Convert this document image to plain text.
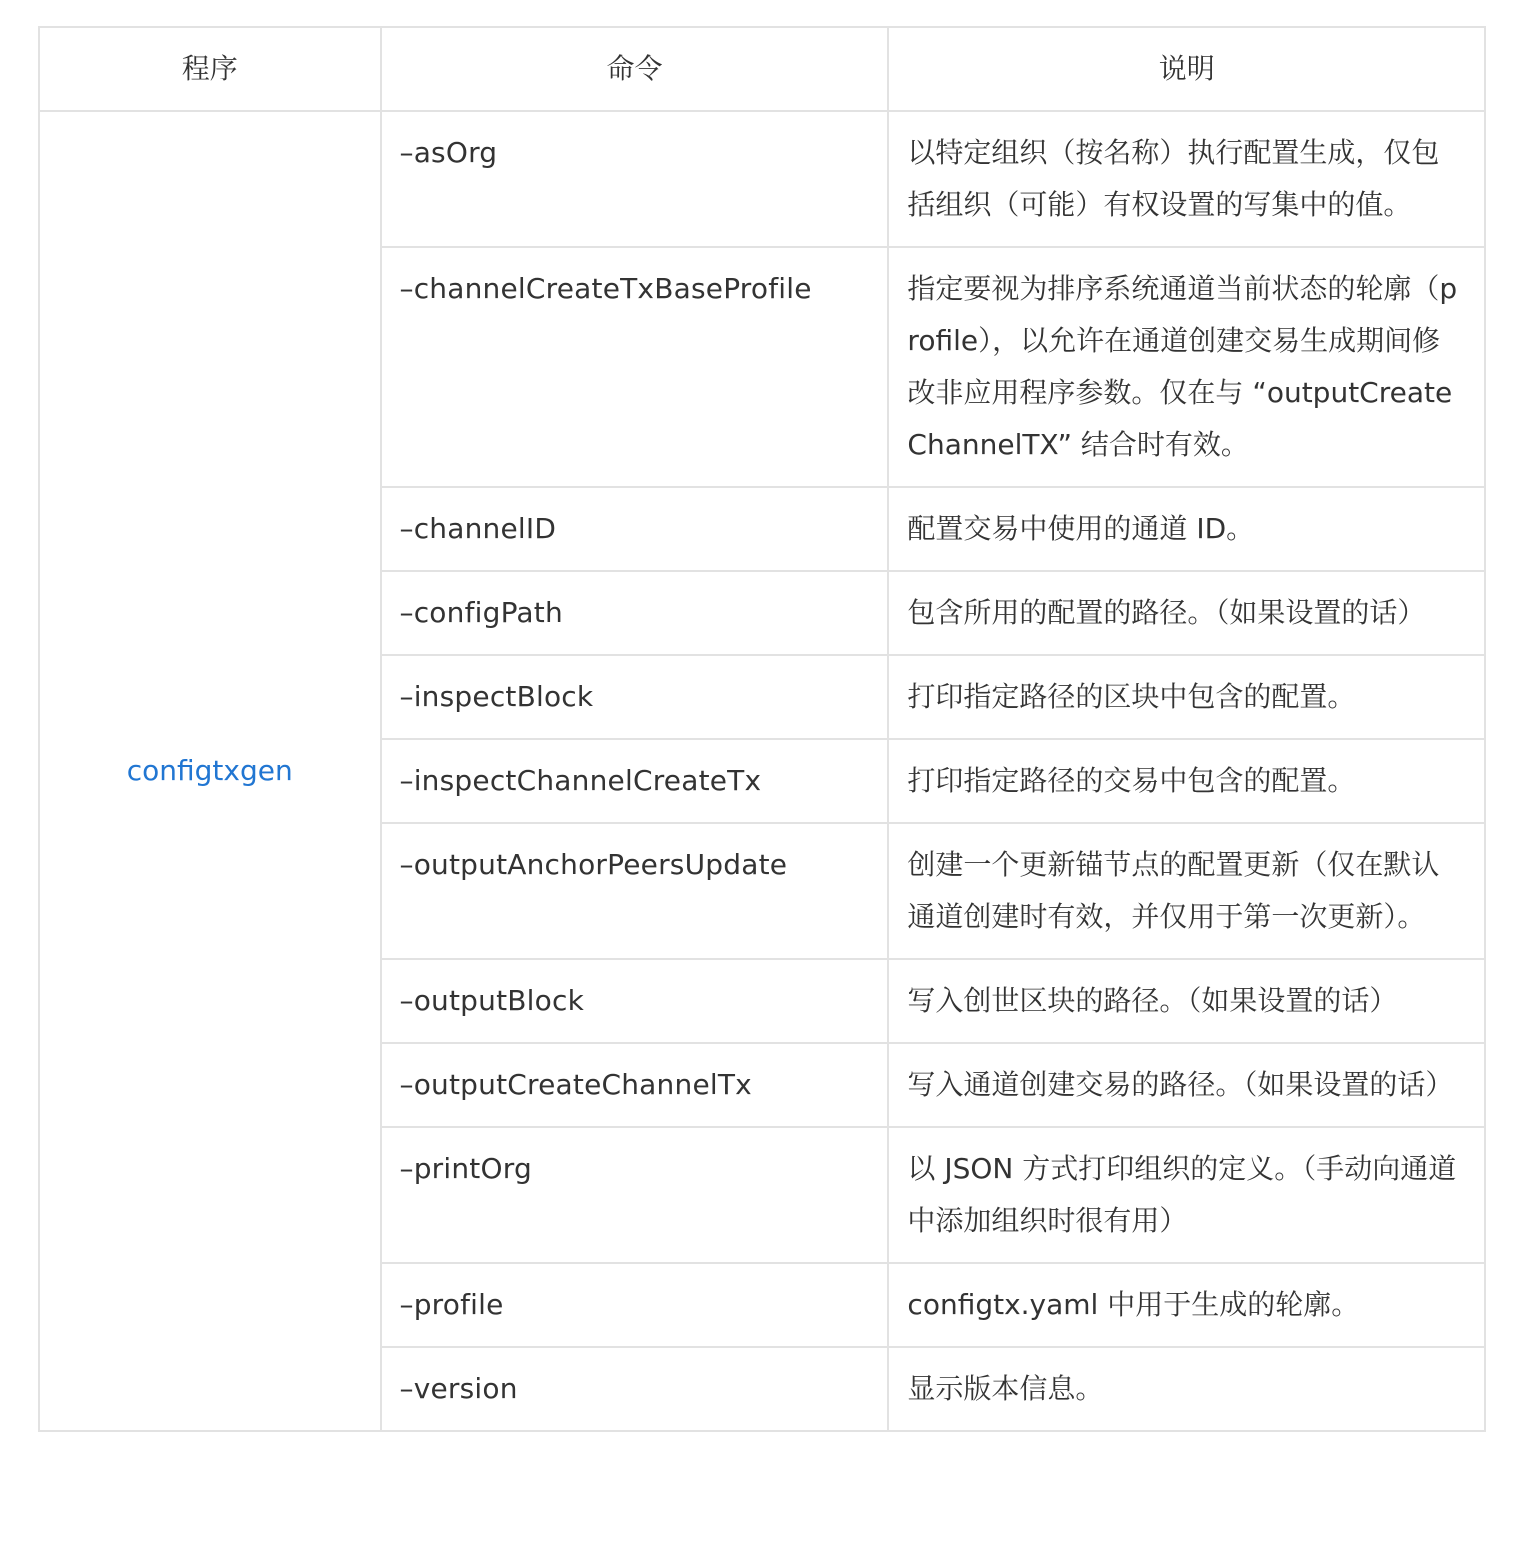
程序	命令	说明
configtxgen	–asOrg	以特定组织（按名称）执行配置生成，仅包括组织（可能）有权设置的写集中的值。
	–channelCreateTxBaseProfile	指定要视为排序系统通道当前状态的轮廓（profile），以允许在通道创建交易生成期间修改非应用程序参数。仅在与 “outputCreateChannelTX” 结合时有效。
	–channelID	配置交易中使用的通道 ID。
	–configPath	包含所用的配置的路径。（如果设置的话）
	–inspectBlock	打印指定路径的区块中包含的配置。
	–inspectChannelCreateTx	打印指定路径的交易中包含的配置。
	–outputAnchorPeersUpdate	创建一个更新锚节点的配置更新（仅在默认通道创建时有效，并仅用于第一次更新）。
	–outputBlock	写入创世区块的路径。（如果设置的话）
	–outputCreateChannelTx	写入通道创建交易的路径。（如果设置的话）
	–printOrg	以 JSON 方式打印组织的定义。（手动向通道中添加组织时很有用）
	–profile	configtx.yaml 中用于生成的轮廓。
	–version	显示版本信息。
